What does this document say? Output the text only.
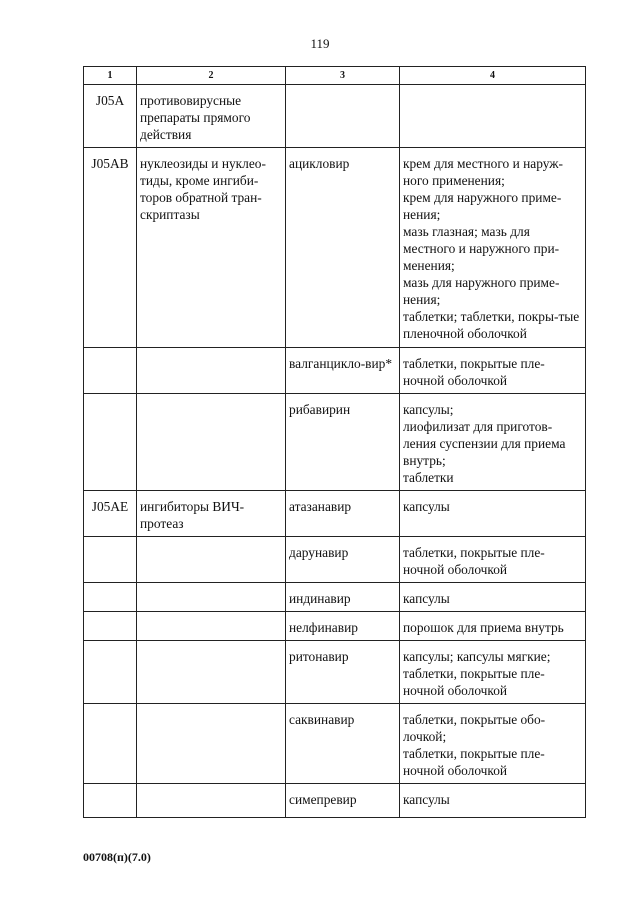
119
1	2	3	4
J05A	противовирусные препараты прямого действия		
J05AB	нуклеозиды и нуклео-тиды, кроме ингиби-торов обратной тран-скриптазы	ацикловир	крем для местного и наруж-ного применения;
крем для наружного приме-нения;
мазь глазная; мазь для местного и наружного при-менения;
мазь для наружного приме-нения;
таблетки; таблетки, покры-тые пленочной оболочкой
		валганцикло-вир*	таблетки, покрытые пле-ночной оболочкой
		рибавирин	капсулы;
лиофилизат для приготов-ления суспензии для приема внутрь;
таблетки
J05AE	ингибиторы ВИЧ-протеаз	атазанавир	капсулы
		дарунавир	таблетки, покрытые пле-ночной оболочкой
		индинавир	капсулы
		нелфинавир	порошок для приема внутрь
		ритонавир	капсулы; капсулы мягкие;
таблетки, покрытые пле-ночной оболочкой
		саквинавир	таблетки, покрытые обо-лочкой;
таблетки, покрытые пле-ночной оболочкой
		симепревир	капсулы
00708(п)(7.0)
